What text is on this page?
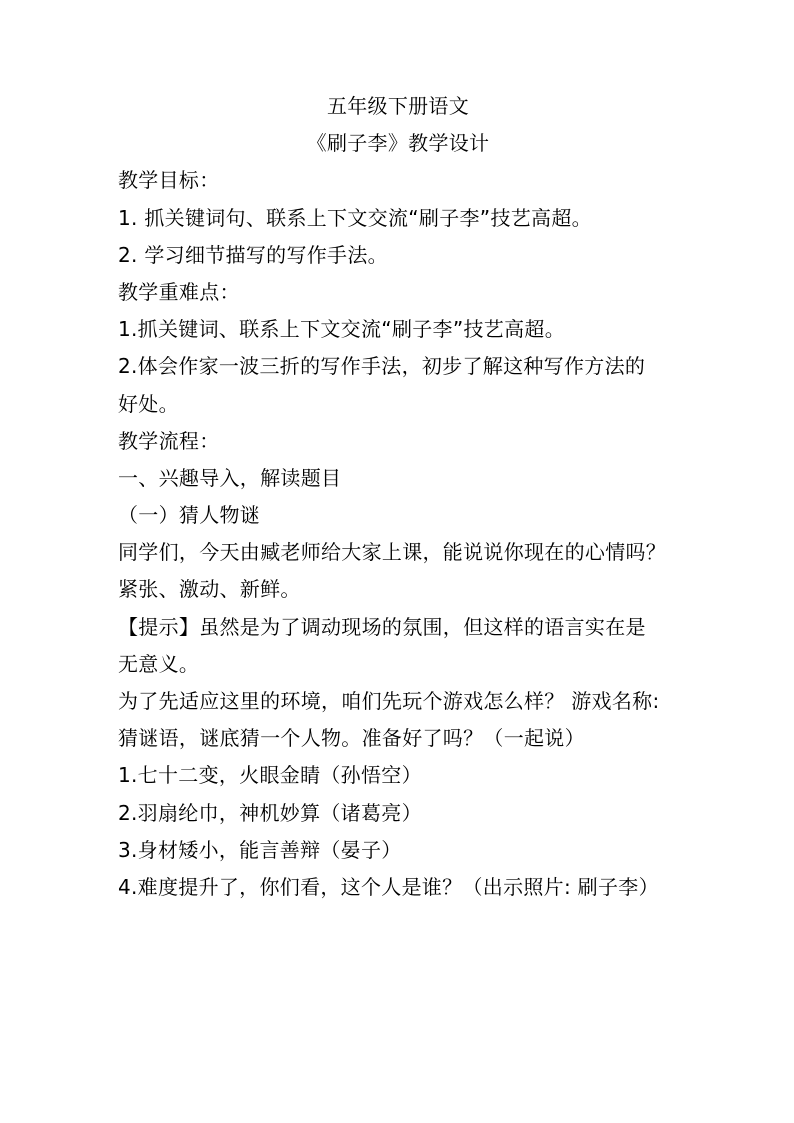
五年级下册语文
《刷子李》教学设计
教学目标：
1. 抓关键词句、联系上下文交流“刷子李”技艺高超。
2. 学习细节描写的写作手法。
教学重难点：
1.抓关键词、联系上下文交流“刷子李”技艺高超。
2.体会作家一波三折的写作手法，初步了解这种写作方法的
好处。
教学流程：
一、兴趣导入，解读题目
（一）猜人物谜
同学们，今天由臧老师给大家上课，能说说你现在的心情吗？
紧张、激动、新鲜。
【提示】虽然是为了调动现场的氛围，但这样的语言实在是
无意义。
为了先适应这里的环境，咱们先玩个游戏怎么样？ 游戏名称:
猜谜语，谜底猜一个人物。准备好了吗？（一起说）
1.七十二变，火眼金睛（孙悟空）
2.羽扇纶巾，神机妙算（诸葛亮）
3.身材矮小，能言善辩（晏子）
4.难度提升了，你们看，这个人是谁？（出示照片: 刷子李）
